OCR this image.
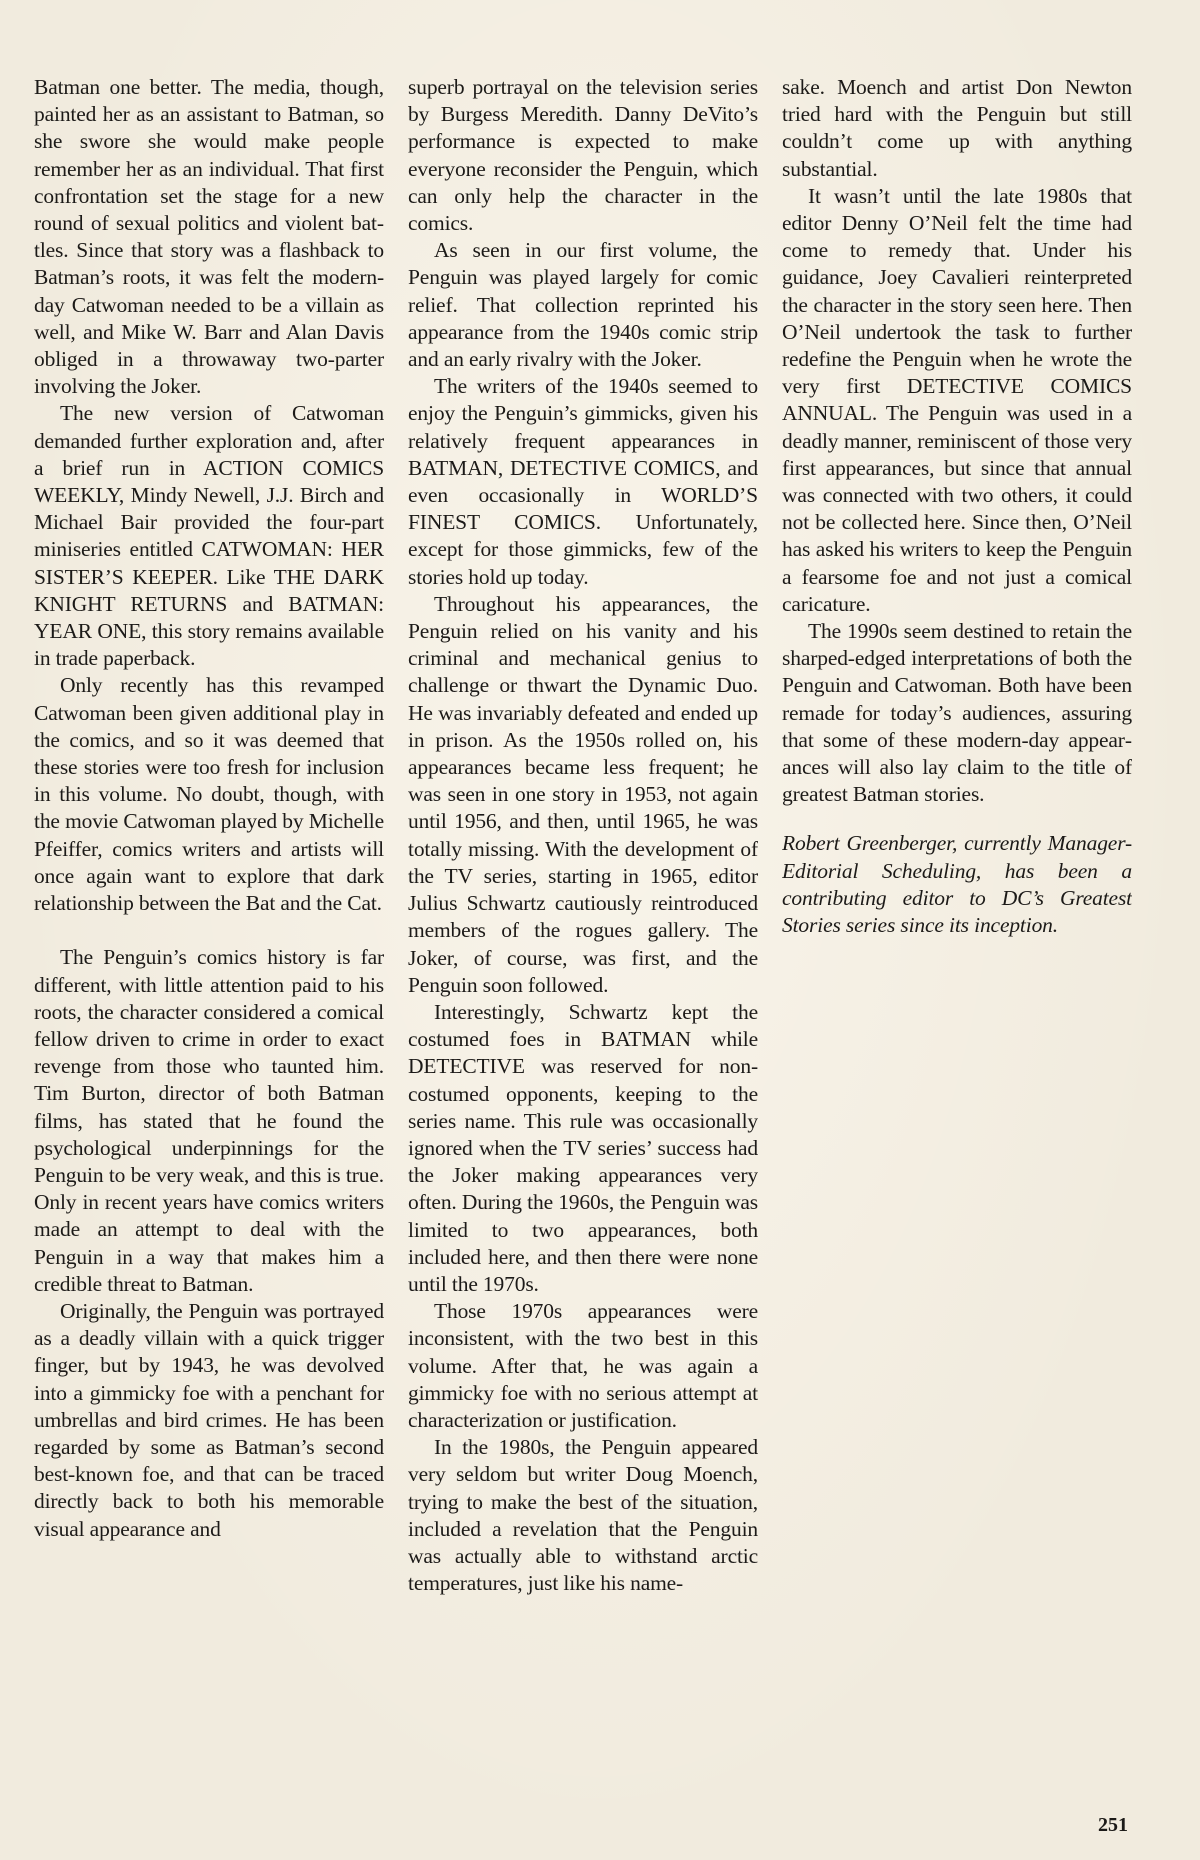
Batman one better. The media, though, painted her as an assistant to Batman, so she swore she would make people remember her as an individual. That first confrontation set the stage for a new round of sexual politics and violent battles. Since that story was a flashback to Batman’s roots, it was felt the modern-day Catwoman needed to be a villain as well, and Mike W. Barr and Alan Davis obliged in a throwaway two-parter involving the Joker.

The new version of Catwoman demanded further exploration and, after a brief run in ACTION COMICS WEEKLY, Mindy Newell, J.J. Birch and Michael Bair provided the four-part miniseries entitled CATWOMAN: HER SISTER’S KEEPER. Like THE DARK KNIGHT RETURNS and BATMAN: YEAR ONE, this story remains available in trade paperback.

Only recently has this revamped Catwoman been given additional play in the comics, and so it was deemed that these stories were too fresh for inclusion in this volume. No doubt, though, with the movie Catwoman played by Michelle Pfeiffer, comics writers and artists will once again want to explore that dark relationship between the Bat and the Cat.

The Penguin’s comics history is far different, with little attention paid to his roots, the character considered a comical fellow driven to crime in order to exact revenge from those who taunted him. Tim Burton, director of both Batman films, has stated that he found the psychological underpinnings for the Penguin to be very weak, and this is true. Only in recent years have comics writers made an attempt to deal with the Penguin in a way that makes him a credible threat to Batman.

Originally, the Penguin was portrayed as a deadly villain with a quick trigger finger, but by 1943, he was devolved into a gimmicky foe with a penchant for umbrellas and bird crimes. He has been regarded by some as Batman’s second best-known foe, and that can be traced directly back to both his memorable visual appearance and

superb portrayal on the television series by Burgess Meredith. Danny DeVito’s performance is expected to make everyone reconsider the Penguin, which can only help the character in the comics.

As seen in our first volume, the Penguin was played largely for comic relief. That collection reprinted his appearance from the 1940s comic strip and an early rivalry with the Joker.

The writers of the 1940s seemed to enjoy the Penguin’s gimmicks, given his relatively frequent appearances in BATMAN, DETECTIVE COMICS, and even occasionally in WORLD’S FINEST COMICS. Unfortunately, except for those gimmicks, few of the stories hold up today.

Throughout his appearances, the Penguin relied on his vanity and his criminal and mechanical genius to challenge or thwart the Dynamic Duo. He was invariably defeated and ended up in prison. As the 1950s rolled on, his appearances became less frequent; he was seen in one story in 1953, not again until 1956, and then, until 1965, he was totally missing. With the development of the TV series, starting in 1965, editor Julius Schwartz cautiously reintroduced members of the rogues gallery. The Joker, of course, was first, and the Penguin soon followed.

Interestingly, Schwartz kept the costumed foes in BATMAN while DETECTIVE was reserved for non-costumed opponents, keeping to the series name. This rule was occasionally ignored when the TV series’ success had the Joker making appearances very often. During the 1960s, the Penguin was limited to two appearances, both included here, and then there were none until the 1970s.

Those 1970s appearances were inconsistent, with the two best in this volume. After that, he was again a gimmicky foe with no serious attempt at characterization or justification.

In the 1980s, the Penguin appeared very seldom but writer Doug Moench, trying to make the best of the situation, included a revelation that the Penguin was actually able to withstand arctic temperatures, just like his name-

sake. Moench and artist Don Newton tried hard with the Penguin but still couldn’t come up with anything substantial.

It wasn’t until the late 1980s that editor Denny O’Neil felt the time had come to remedy that. Under his guidance, Joey Cavalieri reinterpreted the character in the story seen here. Then O’Neil undertook the task to further redefine the Penguin when he wrote the very first DETECTIVE COMICS ANNUAL. The Penguin was used in a deadly manner, reminiscent of those very first appearances, but since that annual was connected with two others, it could not be collected here. Since then, O’Neil has asked his writers to keep the Penguin a fearsome foe and not just a comical caricature.

The 1990s seem destined to retain the sharped-edged interpretations of both the Penguin and Catwoman. Both have been remade for today’s audiences, assuring that some of these modern-day appearances will also lay claim to the title of greatest Batman stories.

Robert Greenberger, currently Manager-Editorial Scheduling, has been a contributing editor to DC’s Greatest Stories series since its inception.

251
